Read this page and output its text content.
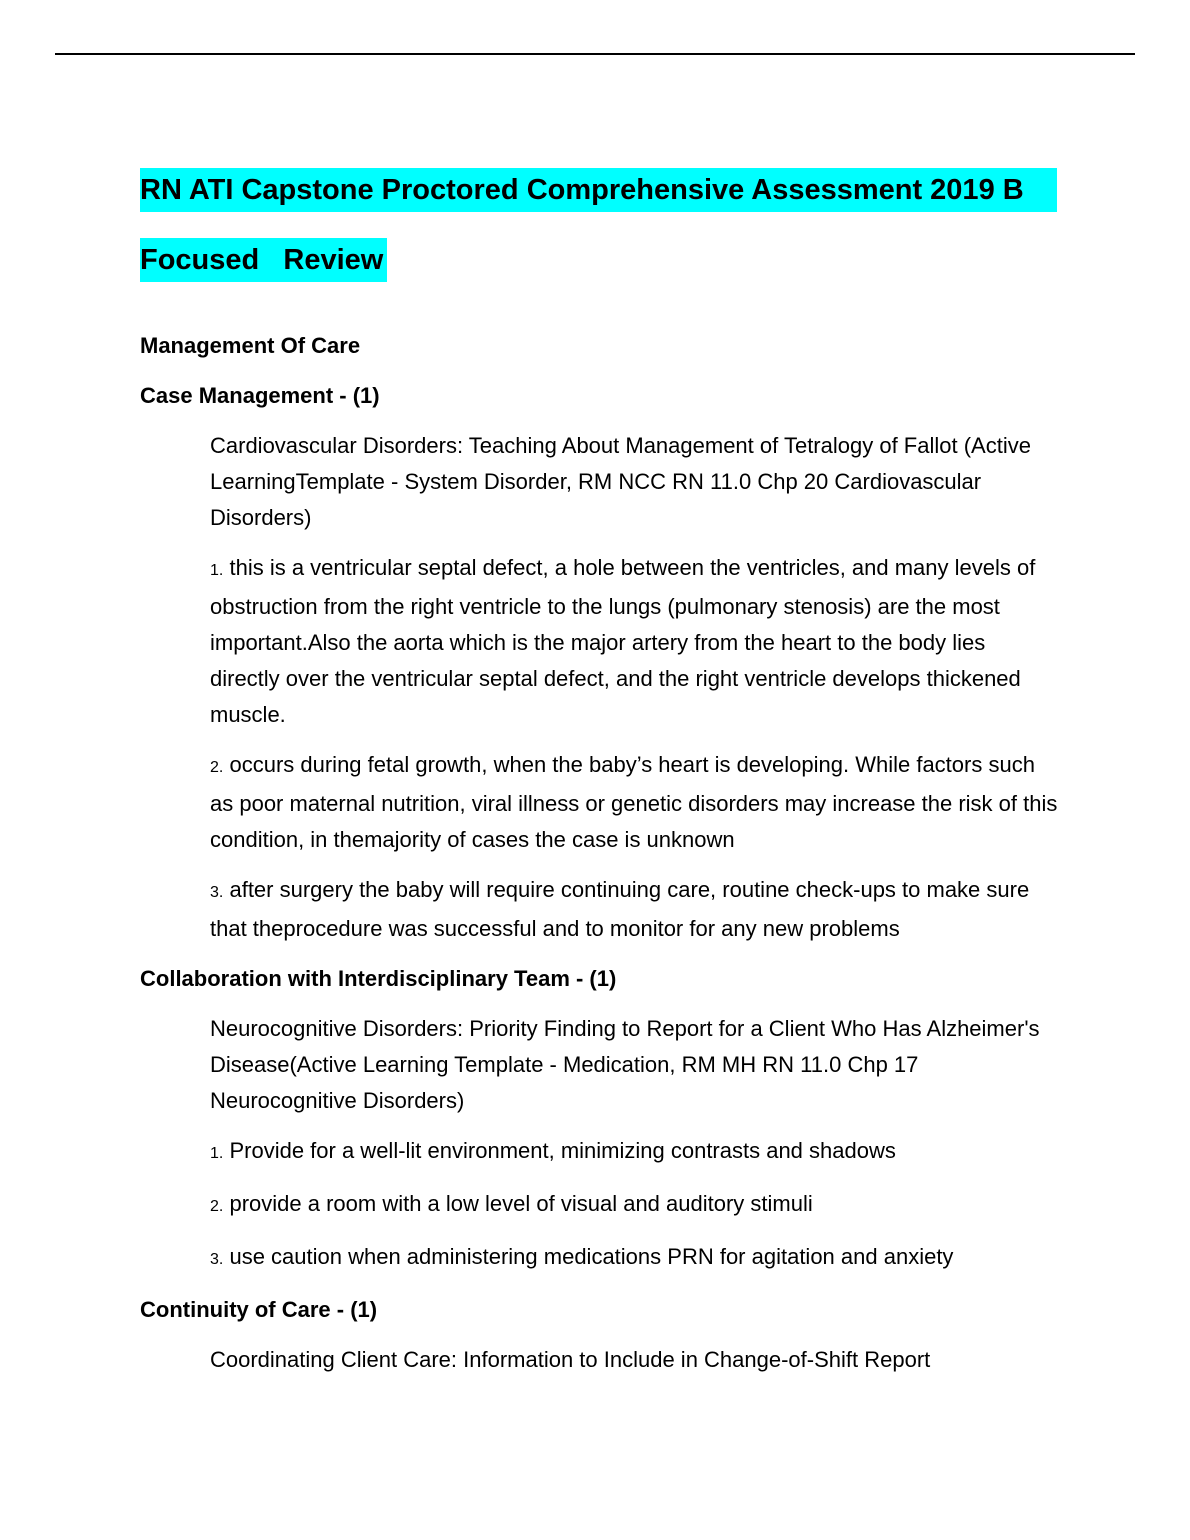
RN ATI Capstone Proctored Comprehensive Assessment 2019 B
Focused   Review
Management Of Care
Case Management - (1)

Cardiovascular Disorders: Teaching About Management of Tetralogy of Fallot (Active LearningTemplate - System Disorder, RM NCC RN 11.0 Chp 20 Cardiovascular Disorders)

1. this is a ventricular septal defect, a hole between the ventricles, and many levels of obstruction from the right ventricle to the lungs (pulmonary stenosis) are the most important.Also the aorta which is the major artery from the heart to the body lies directly over the ventricular septal defect, and the right ventricle develops thickened muscle.

2. occurs during fetal growth, when the baby’s heart is developing. While factors such as poor maternal nutrition, viral illness or genetic disorders may increase the risk of this condition, in themajority of cases the case is unknown

3. after surgery the baby will require continuing care, routine check-ups to make sure that theprocedure was successful and to monitor for any new problems

Collaboration with Interdisciplinary Team - (1)

Neurocognitive Disorders: Priority Finding to Report for a Client Who Has Alzheimer's Disease(Active Learning Template - Medication, RM MH RN 11.0 Chp 17 Neurocognitive Disorders)

1. Provide for a well-lit environment, minimizing contrasts and shadows

2. provide a room with a low level of visual and auditory stimuli

3. use caution when administering medications PRN for agitation and anxiety

Continuity of Care - (1)

Coordinating Client Care: Information to Include in Change-of-Shift Report
